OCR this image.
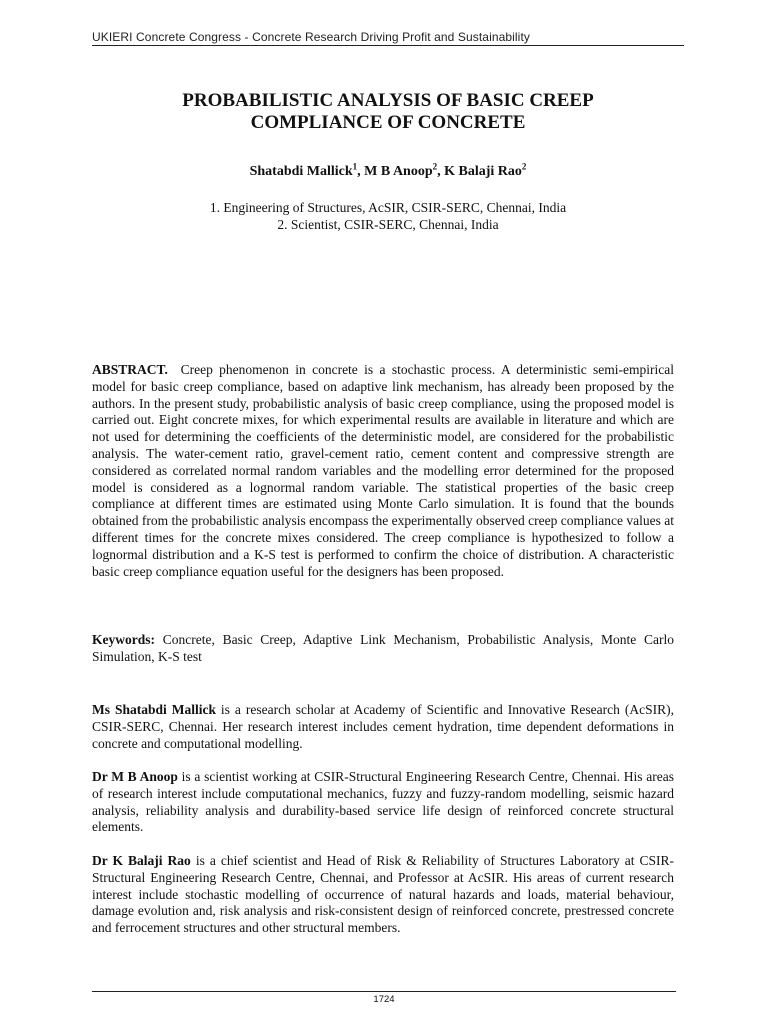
UKIERI Concrete Congress - Concrete Research Driving Profit and Sustainability
PROBABILISTIC ANALYSIS OF BASIC CREEP
COMPLIANCE OF CONCRETE
Shatabdi Mallick$^1$, M B Anoop$^2$, K Balaji Rao$^2$
1. Engineering of Structures, AcSIR, CSIR-SERC, Chennai, India
2. Scientist, CSIR-SERC, Chennai, India

ABSTRACT. Creep phenomenon in concrete is a stochastic process. A deterministic semi-empirical model for basic creep compliance, based on adaptive link mechanism, has already been proposed by the authors. In the present study, probabilistic analysis of basic creep compliance, using the proposed model is carried out. Eight concrete mixes, for which experimental results are available in literature and which are not used for determining the coefficients of the deterministic model, are considered for the probabilistic analysis. The water-cement ratio, gravel-cement ratio, cement content and compressive strength are considered as correlated normal random variables and the modelling error determined for the proposed model is considered as a lognormal random variable. The statistical properties of the basic creep compliance at different times are estimated using Monte Carlo simulation. It is found that the bounds obtained from the probabilistic analysis encompass the experimentally observed creep compliance values at different times for the concrete mixes considered. The creep compliance is hypothesized to follow a lognormal distribution and a K-S test is performed to confirm the choice of distribution. A characteristic basic creep compliance equation useful for the designers has been proposed.

Keywords: Concrete, Basic Creep, Adaptive Link Mechanism, Probabilistic Analysis, Monte Carlo Simulation, K-S test

Ms Shatabdi Mallick is a research scholar at Academy of Scientific and Innovative Research (AcSIR), CSIR-SERC, Chennai. Her research interest includes cement hydration, time dependent deformations in concrete and computational modelling.

Dr M B Anoop is a scientist working at CSIR-Structural Engineering Research Centre, Chennai. His areas of research interest include computational mechanics, fuzzy and fuzzy-random modelling, seismic hazard analysis, reliability analysis and durability-based service life design of reinforced concrete structural elements.

Dr K Balaji Rao is a chief scientist and Head of Risk & Reliability of Structures Laboratory at CSIR-Structural Engineering Research Centre, Chennai, and Professor at AcSIR. His areas of current research interest include stochastic modelling of occurrence of natural hazards and loads, material behaviour, damage evolution and, risk analysis and risk-consistent design of reinforced concrete, prestressed concrete and ferrocement structures and other structural members.

1724
